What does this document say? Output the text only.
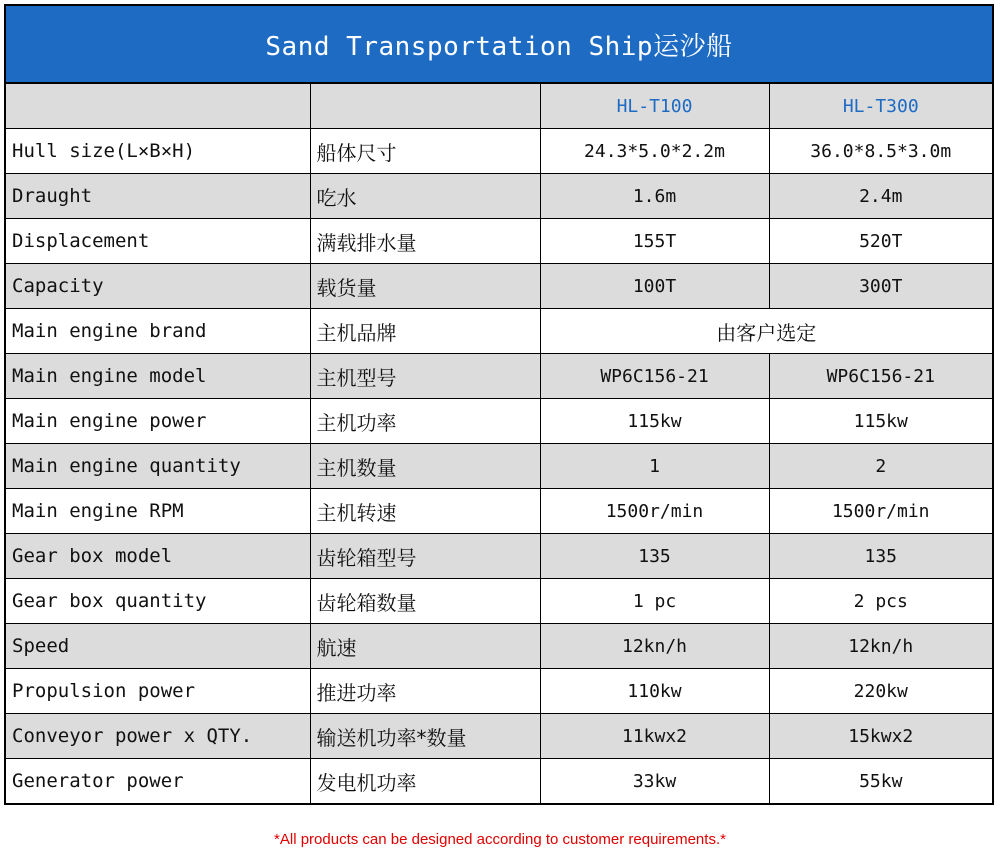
Sand Transportation Ship运沙船
		HL-T100	HL-T300
Hull size(L×B×H)	船体尺寸	24.3*5.0*2.2m	36.0*8.5*3.0m
Draught	吃水	1.6m	2.4m
Displacement	满载排水量	155T	520T
Capacity	载货量	100T	300T
Main engine brand	主机品牌	由客户选定	
Main engine model	主机型号	WP6C156-21	WP6C156-21
Main engine power	主机功率	115kw	115kw
Main engine quantity	主机数量	1	2
Main engine RPM	主机转速	1500r/min	1500r/min
Gear box model	齿轮箱型号	135	135
Gear box quantity	齿轮箱数量	1 pc	2 pcs
Speed	航速	12kn/h	12kn/h
Propulsion power	推进功率	110kw	220kw
Conveyor power x QTY.	输送机功率*数量	11kwx2	15kwx2
Generator power	发电机功率	33kw	55kw
*All products can be designed according to customer requirements.*
